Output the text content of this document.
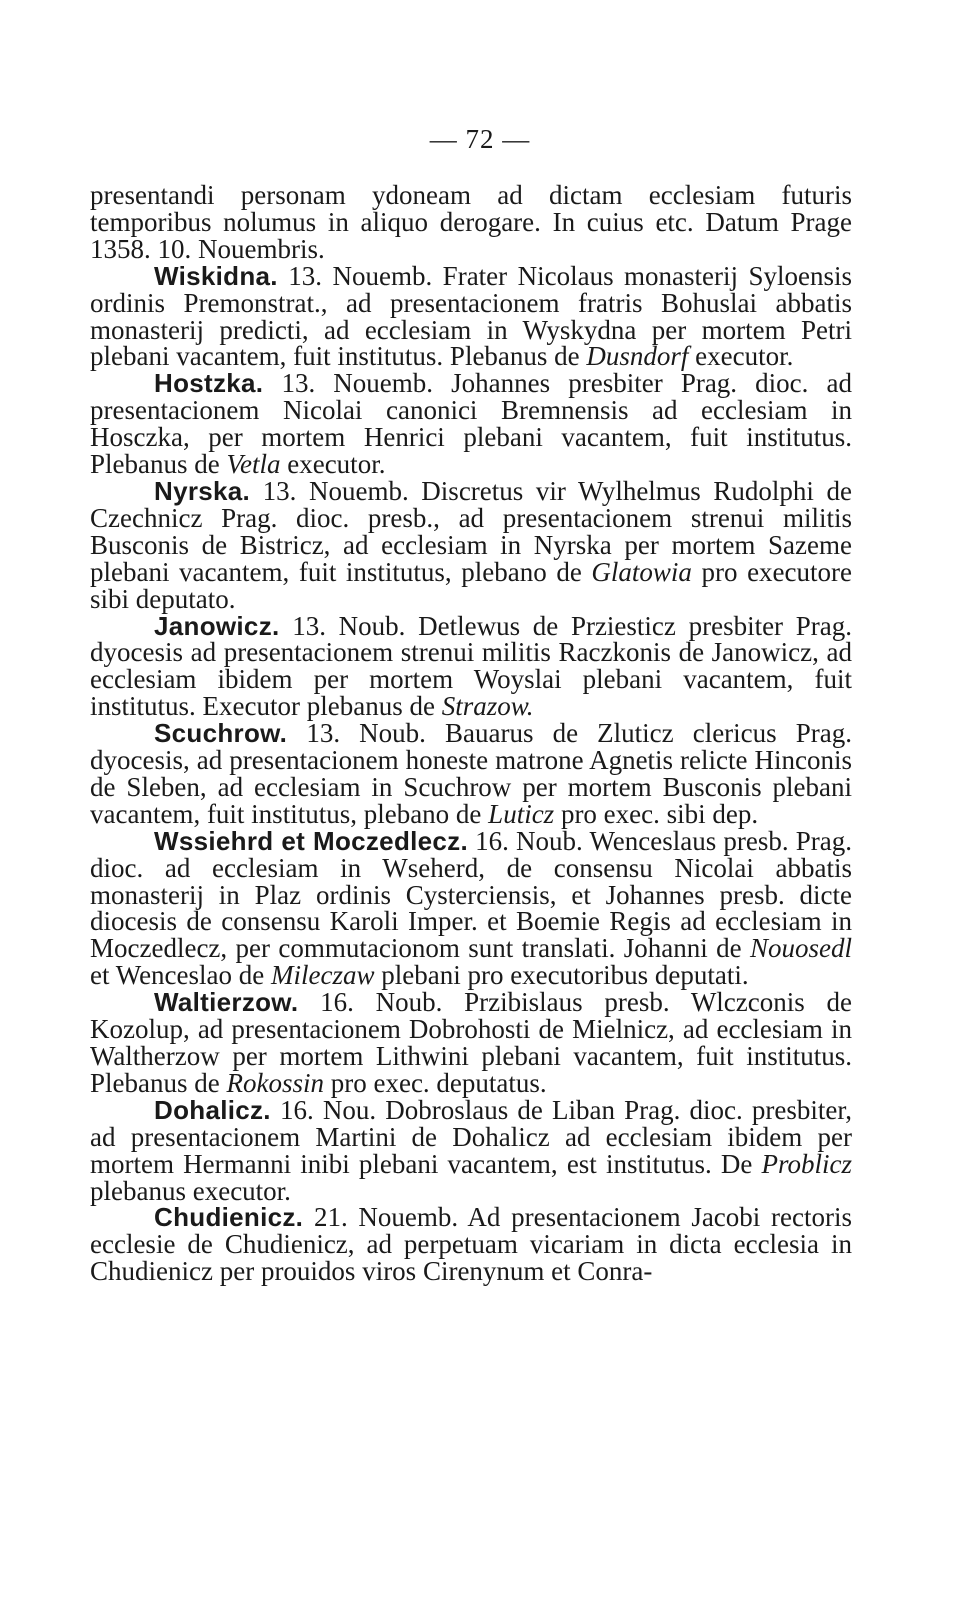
— 72 —

presentandi personam ydoneam ad dictam ecclesiam futuris temporibus nolumus in aliquo derogare. In cuius etc. Datum Prage 1358. 10. Nouembris.

Wiskidna. 13. Nouemb. Frater Nicolaus monasterij Syloensis ordinis Premonstrat., ad presentacionem fratris Bohuslai abbatis monasterij predicti, ad ecclesiam in Wyskydna per mortem Petri plebani vacantem, fuit institutus. Plebanus de Dusndorf executor.

Hostzka. 13. Nouemb. Johannes presbiter Prag. dioc. ad presentacionem Nicolai canonici Bremnensis ad ecclesiam in Hosczka, per mortem Henrici plebani vacantem, fuit institutus. Plebanus de Vetla executor.

Nyrska. 13. Nouemb. Discretus vir Wylhelmus Rudolphi de Czechnicz Prag. dioc. presb., ad presentacionem strenui militis Busconis de Bistricz, ad ecclesiam in Nyrska per mortem Sazeme plebani vacantem, fuit institutus, plebano de Glatowia pro executore sibi deputato.

Janowicz. 13. Noub. Detlewus de Prziesticz presbiter Prag. dyocesis ad presentacionem strenui militis Raczkonis de Janowicz, ad ecclesiam ibidem per mortem Woyslai plebani vacantem, fuit institutus. Executor plebanus de Strazow.

Scuchrow. 13. Noub. Bauarus de Zluticz clericus Prag. dyocesis, ad presentacionem honeste matrone Agnetis relicte Hinconis de Sleben, ad ecclesiam in Scuchrow per mortem Busconis plebani vacantem, fuit institutus, plebano de Luticz pro exec. sibi dep.

Wssiehrd et Moczedlecz. 16. Noub. Wenceslaus presb. Prag. dioc. ad ecclesiam in Wseherd, de consensu Nicolai abbatis monasterij in Plaz ordinis Cysterciensis, et Johannes presb. dicte diocesis de consensu Karoli Imper. et Boemie Regis ad ecclesiam in Moczedlecz, per commutacionom sunt translati. Johanni de Nouosedl et Wenceslao de Mileczaw plebani pro executoribus deputati.

Waltierzow. 16. Noub. Przibislaus presb. Wlczconis de Kozolup, ad presentacionem Dobrohosti de Mielnicz, ad ecclesiam in Waltherzow per mortem Lithwini plebani vacantem, fuit institutus. Plebanus de Rokossin pro exec. deputatus.

Dohalicz. 16. Nou. Dobroslaus de Liban Prag. dioc. presbiter, ad presentacionem Martini de Dohalicz ad ecclesiam ibidem per mortem Hermanni inibi plebani vacantem, est institutus. De Problicz plebanus executor.

Chudienicz. 21. Nouemb. Ad presentacionem Jacobi rectoris ecclesie de Chudienicz, ad perpetuam vicariam in dicta ecclesia in Chudienicz per prouidos viros Cirenynum et Conra-
